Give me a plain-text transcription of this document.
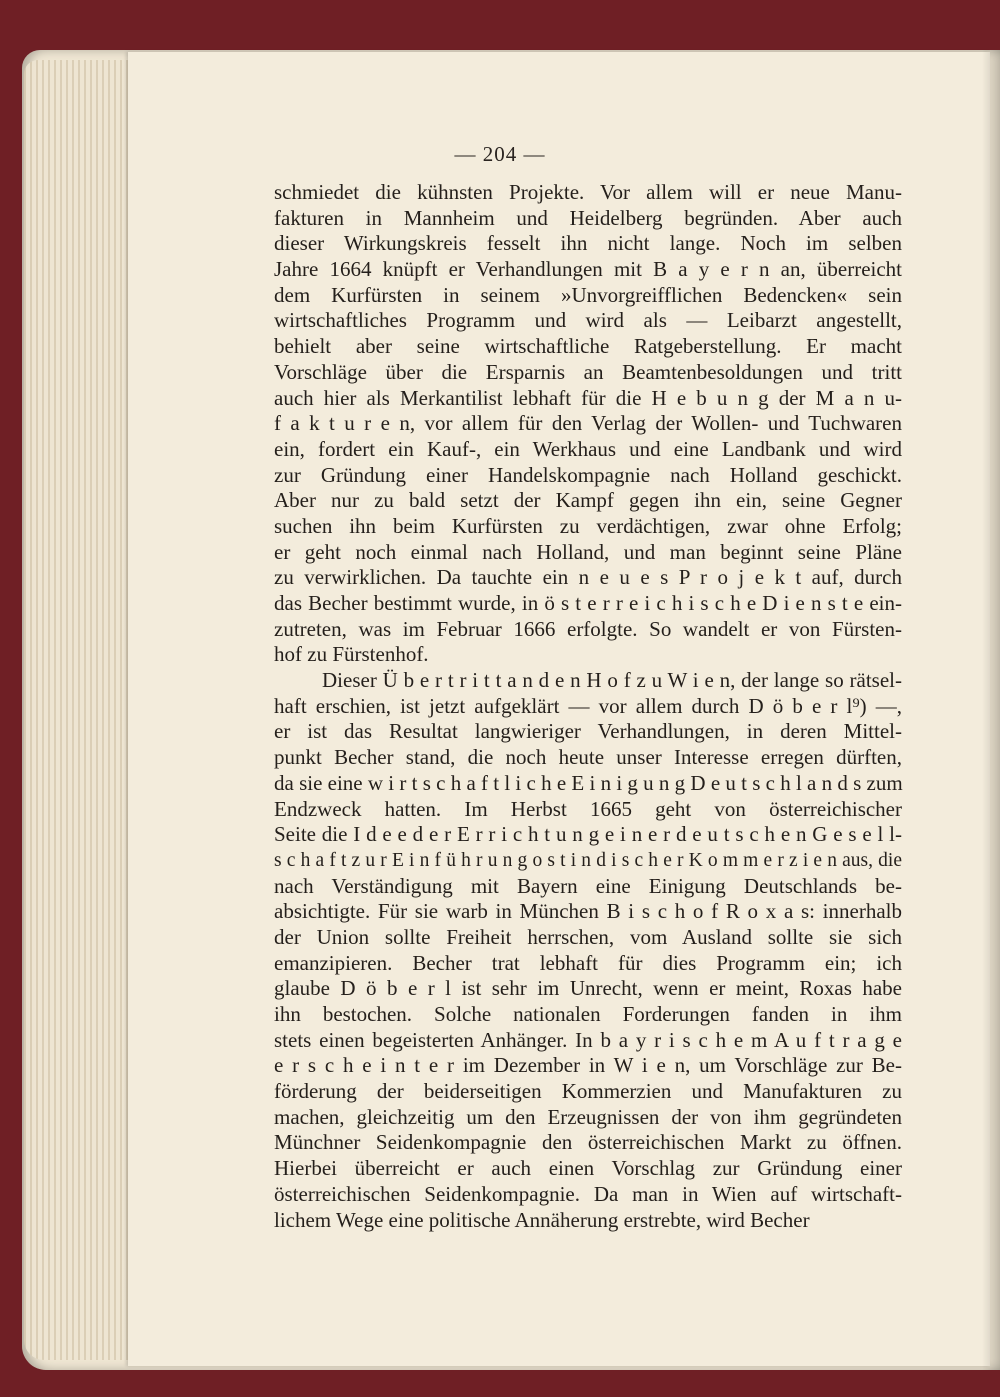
— 204 —
schmiedet die kühnsten Projekte. Vor allem will er neue Manu-
fakturen in Mannheim und Heidelberg begründen. Aber auch
dieser Wirkungskreis fesselt ihn nicht lange. Noch im selben
Jahre 1664 knüpft er Verhandlungen mit B a y e r n an, überreicht
dem Kurfürsten in seinem »Unvorgreifflichen Bedencken« sein
wirtschaftliches Programm und wird als — Leibarzt angestellt,
behielt aber seine wirtschaftliche Ratgeberstellung. Er macht
Vorschläge über die Ersparnis an Beamtenbesoldungen und tritt
auch hier als Merkantilist lebhaft für die H e b u n g der M a n u-
f a k t u r e n, vor allem für den Verlag der Wollen- und Tuchwaren
ein, fordert ein Kauf-, ein Werkhaus und eine Landbank und wird
zur Gründung einer Handelskompagnie nach Holland geschickt.
Aber nur zu bald setzt der Kampf gegen ihn ein, seine Gegner
suchen ihn beim Kurfürsten zu verdächtigen, zwar ohne Erfolg;
er geht noch einmal nach Holland, und man beginnt seine Pläne
zu verwirklichen. Da tauchte ein n e u e s P r o j e k t auf, durch
das Becher bestimmt wurde, in ö s t e r r e i c h i s c h e D i e n s t e ein-
zutreten, was im Februar 1666 erfolgte. So wandelt er von Fürsten-
hof zu Fürstenhof.
Dieser Ü b e r t r i t t a n d e n H o f z u W i e n, der lange so rätsel-
haft erschien, ist jetzt aufgeklärt — vor allem durch D ö b e r l⁹) —,
er ist das Resultat langwieriger Verhandlungen, in deren Mittel-
punkt Becher stand, die noch heute unser Interesse erregen dürften,
da sie eine w i r t s c h a f t l i c h e E i n i g u n g D e u t s c h l a n d s zum
Endzweck hatten. Im Herbst 1665 geht von österreichischer
Seite die I d e e d e r E r r i c h t u n g e i n e r d e u t s c h e n G e s e l l-
s c h a f t z u r E i n f ü h r u n g o s t i n d i s c h e r K o m m e r z i e n aus, die
nach Verständigung mit Bayern eine Einigung Deutschlands be-
absichtigte. Für sie warb in München B i s c h o f R o x a s: innerhalb
der Union sollte Freiheit herrschen, vom Ausland sollte sie sich
emanzipieren. Becher trat lebhaft für dies Programm ein; ich
glaube D ö b e r l ist sehr im Unrecht, wenn er meint, Roxas habe
ihn bestochen. Solche nationalen Forderungen fanden in ihm
stets einen begeisterten Anhänger. In b a y r i s c h e m A u f t r a g e
e r s c h e i n t e r im Dezember in W i e n, um Vorschläge zur Be-
förderung der beiderseitigen Kommerzien und Manufakturen zu
machen, gleichzeitig um den Erzeugnissen der von ihm gegründeten
Münchner Seidenkompagnie den österreichischen Markt zu öffnen.
Hierbei überreicht er auch einen Vorschlag zur Gründung einer
österreichischen Seidenkompagnie. Da man in Wien auf wirtschaft-
lichem Wege eine politische Annäherung erstrebte, wird Becher
